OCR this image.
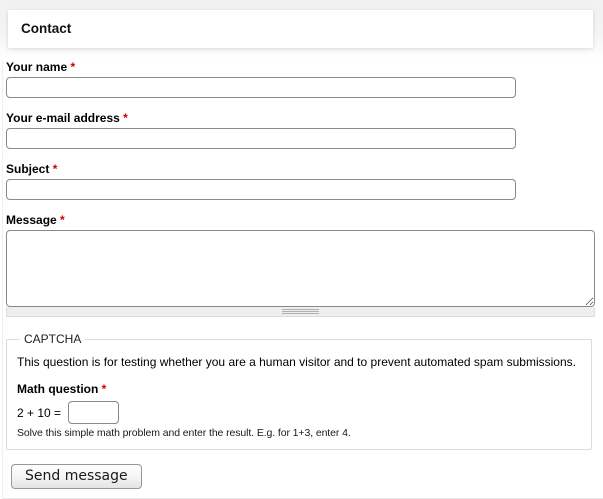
Contact
Your name *
Your e-mail address *
Subject *
Message *
CAPTCHA
This question is for testing whether you are a human visitor and to prevent automated spam submissions.
Math question *
2 + 10 =
Solve this simple math problem and enter the result. E.g. for 1+3, enter 4.
Send message
